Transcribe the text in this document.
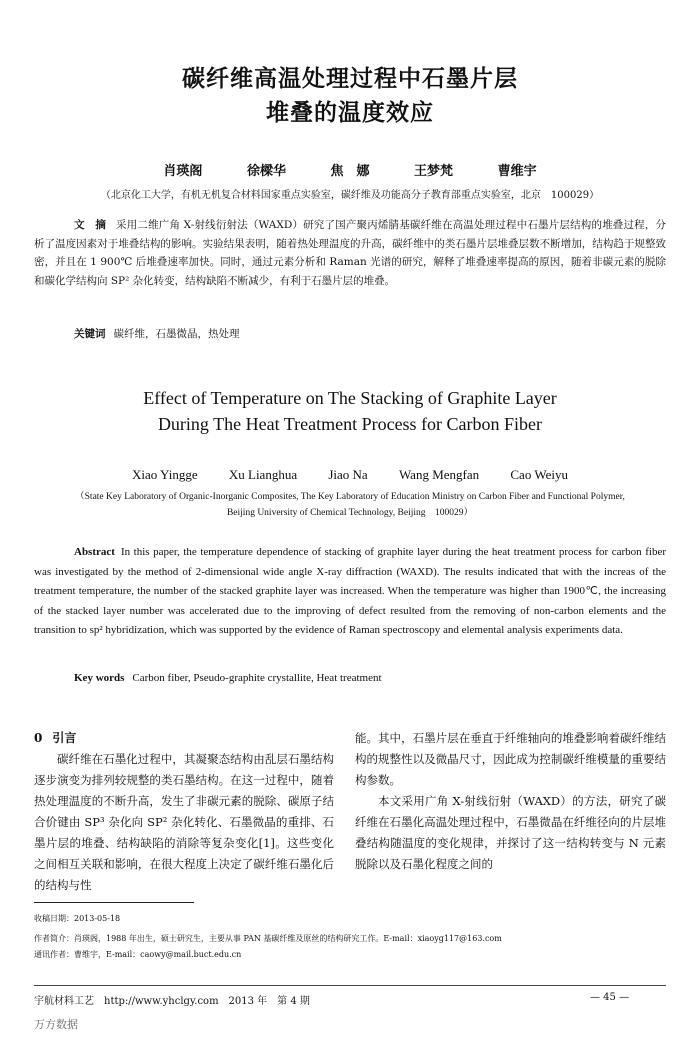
碳纤维高温处理过程中石墨片层
堆叠的温度效应
肖瑛阁	徐樑华	焦　娜	王梦梵	曹维宇
（北京化工大学，有机无机复合材料国家重点实验室，碳纤维及功能高分子教育部重点实验室，北京　100029）
文　摘 采用二维广角 X-射线衍射法（WAXD）研究了国产聚丙烯腈基碳纤维在高温处理过程中石墨片层结构的堆叠过程，分析了温度因素对于堆叠结构的影响。实验结果表明，随着热处理温度的升高，碳纤维中的类石墨片层堆叠层数不断增加，结构趋于规整致密，并且在 1 900℃ 后堆叠速率加快。同时，通过元素分析和 Raman 光谱的研究，解释了堆叠速率提高的原因，随着非碳元素的脱除和碳化学结构向 SP² 杂化转变，结构缺陷不断减少，有利于石墨片层的堆叠。
关键词 碳纤维，石墨微晶，热处理
Effect of Temperature on The Stacking of Graphite Layer
During The Heat Treatment Process for Carbon Fiber
Xiao Yingge Xu Lianghua Jiao Na Wang Mengfan Cao Weiyu
（State Key Laboratory of Organic-Inorganic Composites, The Key Laboratory of Education Ministry on Carbon Fiber and Functional Polymer, Beijing University of Chemical Technology, Beijing　100029）
Abstract In this paper, the temperature dependence of stacking of graphite layer during the heat treatment process for carbon fiber was investigated by the method of 2-dimensional wide angle X-ray diffraction (WAXD). The results indicated that with the increas of the treatment temperature, the number of the stacked graphite layer was increased. When the temperature was higher than 1900℃, the increasing of the stacked layer number was accelerated due to the improving of defect resulted from the removing of non-carbon elements and the transition to sp² hybridization, which was supported by the evidence of Raman spectroscopy and elemental analysis experiments data.
Key words Carbon fiber, Pseudo-graphite crystallite, Heat treatment
0 引言

碳纤维在石墨化过程中，其凝聚态结构由乱层石墨结构逐步演变为排列较规整的类石墨结构。在这一过程中，随着热处理温度的不断升高，发生了非碳元素的脱除、碳原子结合价键由 SP³ 杂化向 SP² 杂化转化、石墨微晶的重排、石墨片层的堆叠、结构缺陷的消除等复杂变化[1]。这些变化之间相互关联和影响，在很大程度上决定了碳纤维石墨化后的结构与性

能。其中，石墨片层在垂直于纤维轴向的堆叠影响着碳纤维结构的规整性以及微晶尺寸，因此成为控制碳纤维模量的重要结构参数。

本文采用广角 X-射线衍射（WAXD）的方法，研究了碳纤维在石墨化高温处理过程中，石墨微晶在纤维径向的片层堆叠结构随温度的变化规律，并探讨了这一结构转变与 N 元素脱除以及石墨化程度之间的

收稿日期：2013-05-18
作者简介：肖瑛阁，1988 年出生，硕士研究生，主要从事 PAN 基碳纤维及原丝的结构研究工作。E-mail：xiaoyg117@163.com
通讯作者：曹维宇，E-mail：caowy@mail.buct.edu.cn
宇航材料工艺　http://www.yhclgy.com　2013 年　第 4 期	— 45 —
万方数据
